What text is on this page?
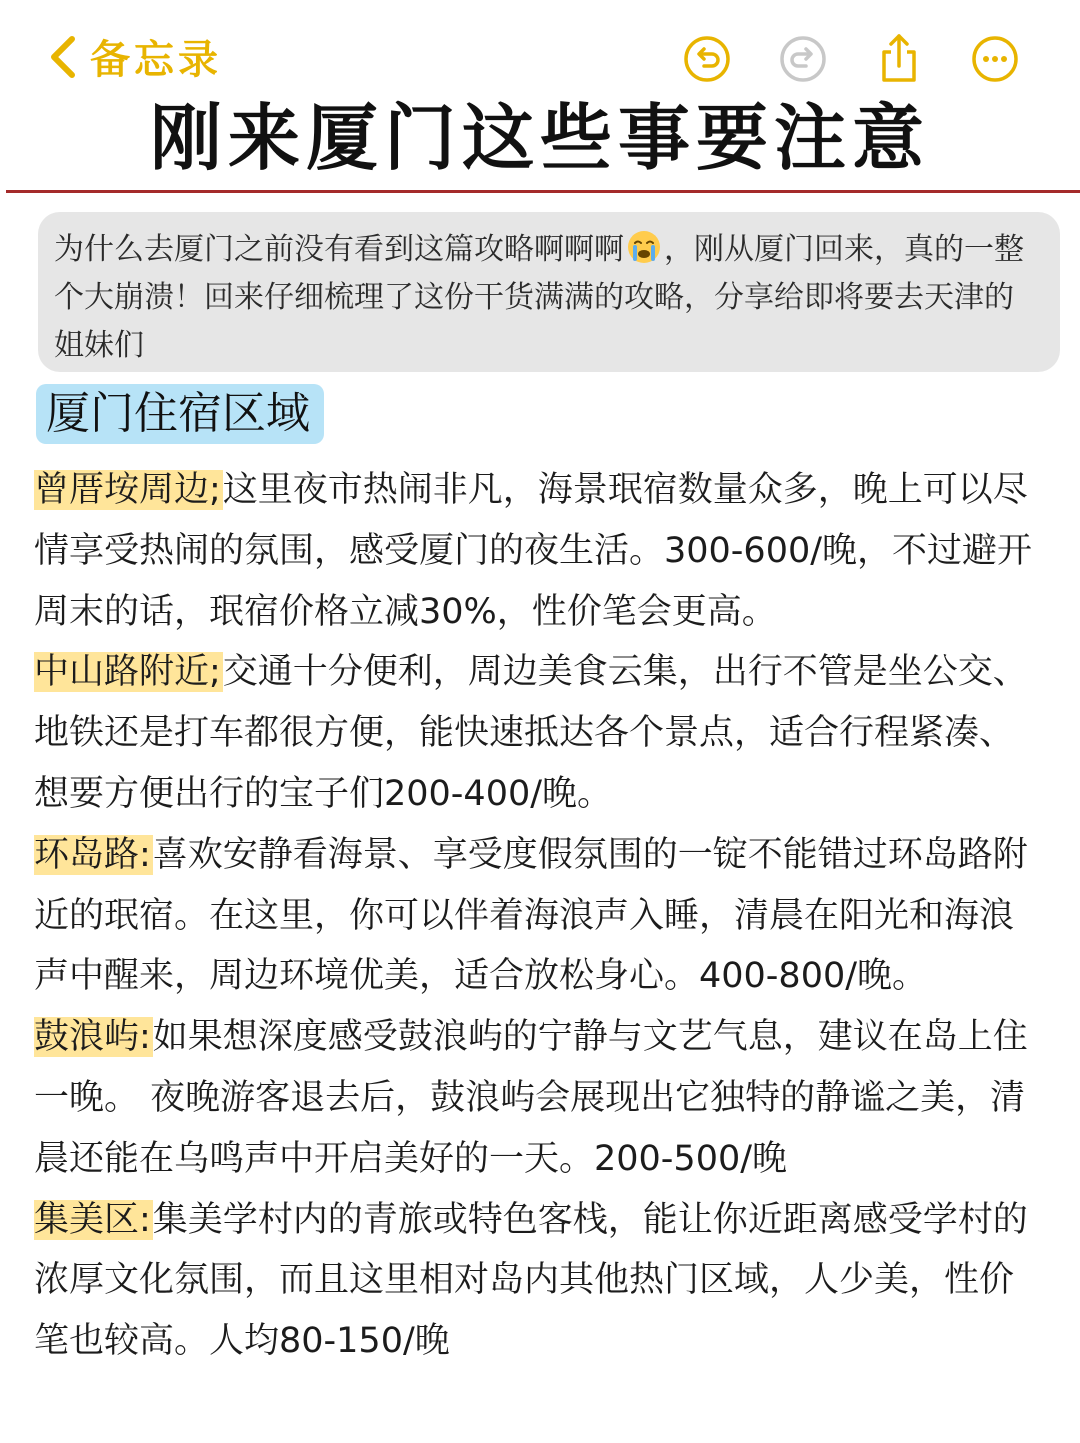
备忘录
刚来厦门这些事要注意
为什么去厦门之前没有看到这篇攻略啊啊啊 ，刚从厦门回来，真的一整个大崩溃！回来仔细梳理了这份干货满满的攻略，分享给即将要去天津的姐妹们
厦门住宿区域

曾厝垵周边;这里夜市热闹非凡，海景珉宿数量众多，晚上可以尽情享受热闹的氛围，感受厦门的夜生活。300-600/晚，不过避开周末的话，珉宿价格立减30%，性价笔会更高。

中山路附近;交通十分便利，周边美食云集，出行不管是坐公交、地铁还是打车都很方便，能快速抵达各个景点，适合行程紧凑、想要方便出行的宝子们200-400/晚。

环岛路:喜欢安静看海景、享受度假氛围的一锭不能错过环岛路附近的珉宿。在这里，你可以伴着海浪声入睡，清晨在阳光和海浪声中醒来，周边环境优美，适合放松身心。400-800/晚。

鼓浪屿:如果想深度感受鼓浪屿的宁静与文艺气息，建议在岛上住一晚。 夜晚游客退去后，鼓浪屿会展现出它独特的静谧之美，清晨还能在乌鸣声中开启美好的一天。200-500/晚

集美区:集美学村内的青旅或特色客栈，能让你近距离感受学村的浓厚文化氛围，而且这里相对岛内其他热门区域，人少美，性价笔也较高。人均80-150/晚
